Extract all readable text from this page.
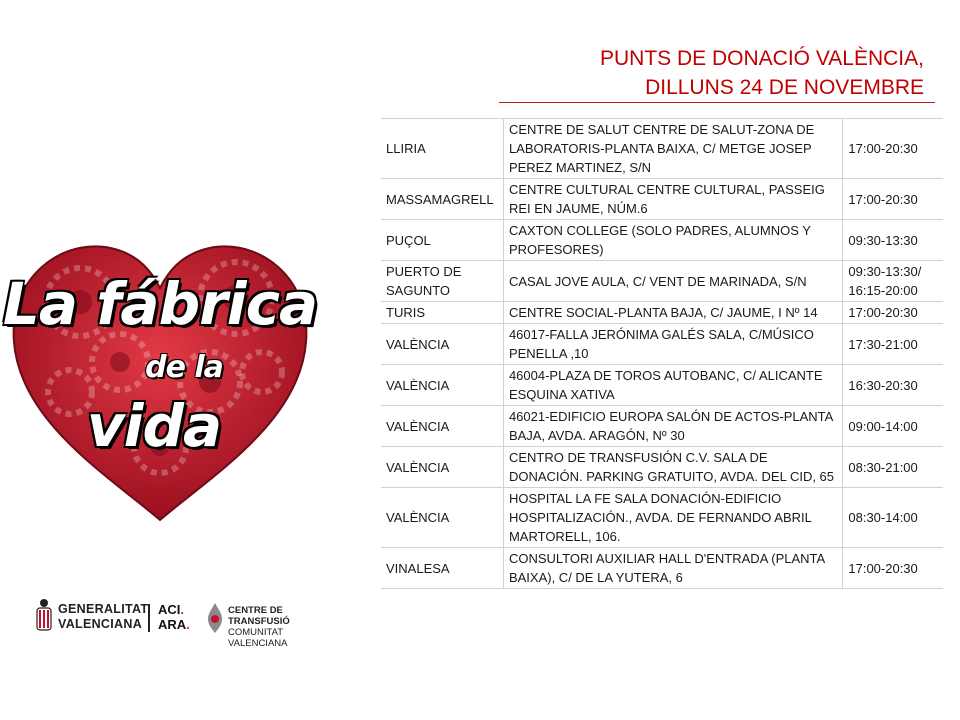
PUNTS DE DONACIÓ VALÈNCIA,
DILLUNS 24 DE NOVEMBRE
LLIRIA	CENTRE DE SALUT CENTRE DE SALUT-ZONA DE LABORATORIS-PLANTA BAIXA, C/ METGE JOSEP PEREZ MARTINEZ, S/N	17:00-20:30
MASSAMAGRELL	CENTRE CULTURAL CENTRE CULTURAL, PASSEIG REI EN JAUME, NÚM.6	17:00-20:30
PUÇOL	CAXTON COLLEGE (SOLO PADRES, ALUMNOS Y PROFESORES)	09:30-13:30
PUERTO DE SAGUNTO	CASAL JOVE AULA, C/ VENT DE MARINADA, S/N	09:30-13:30/ 16:15-20:00
TURIS	CENTRE SOCIAL-PLANTA BAJA, C/ JAUME, I Nº 14	17:00-20:30
VALÈNCIA	46017-FALLA JERÓNIMA GALÉS SALA, C/MÚSICO PENELLA ,10	17:30-21:00
VALÈNCIA	46004-PLAZA DE TOROS AUTOBANC, C/ ALICANTE ESQUINA XATIVA	16:30-20:30
VALÈNCIA	46021-EDIFICIO EUROPA SALÓN DE ACTOS-PLANTA BAJA, AVDA. ARAGÓN, Nº 30	09:00-14:00
VALÈNCIA	CENTRO DE TRANSFUSIÓN C.V. SALA DE DONACIÓN. PARKING GRATUITO, AVDA. DEL CID, 65	08:30-21:00
VALÈNCIA	HOSPITAL LA FE SALA DONACIÓN-EDIFICIO HOSPITALIZACIÓN., AVDA. DE FERNANDO ABRIL MARTORELL, 106.	08:30-14:00
VINALESA	CONSULTORI AUXILIAR HALL D'ENTRADA (PLANTA BAIXA), C/ DE LA YUTERA, 6	17:00-20:30
La fábrica
de la
vida
GENERALITAT
VALENCIANA
ACI.
ARA.
CENTRE DE TRANSFUSIÓ
COMUNITAT VALENCIANA
